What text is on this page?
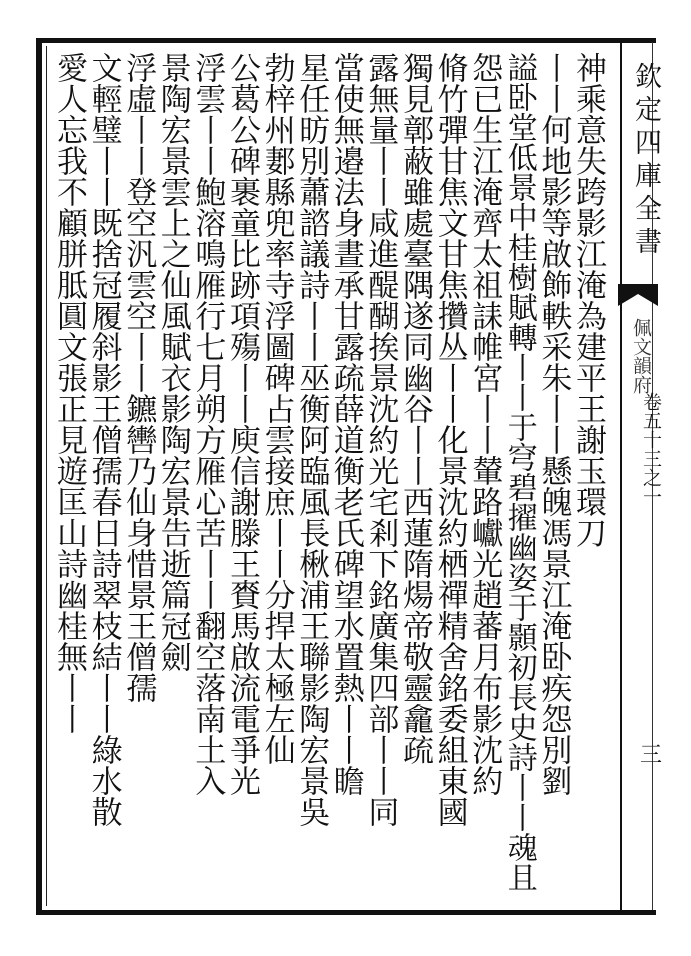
欽定四庫全書
佩文韻府
卷五十三之一
三
神乘意失跨影江淹為建平王謝玉環刀
丨丨何地影等啟飾軼采朱丨丨懸魄馮景江淹卧疾怨別劉
謚卧堂低景中桂樹賦轉丨丨于穹碧擢幽姿于顥初長史詩丨丨魂且
怨已生江淹齊太祖誄帷宮丨丨輦路巘光趙蕃月布影沈約
脩竹彈甘焦文甘焦攢丛丨丨化景沈約栖禪精舍銘委組東國
獨見鄣蔽雖處臺隅遂同幽谷丨丨西蓮隋煬帝敬靈龕疏
露無量丨丨咸進醍醐挨景沈約光宅剎下銘廣集四部丨丨同
當使無邉法身晝承甘露疏薛道衡老氏碑望水置熱丨丨瞻
星任昉別蕭諮議詩丨丨巫衡阿臨風長楸浦王聯影陶宏景吳
勃梓州郪縣兜率寺浮圖碑占雲接庶丨丨分捍太極左仙
公葛公碑裹童比跡項殤丨丨庾信謝滕王賚馬啟流電爭光
浮雲丨丨鮑溶鳴雁行七月朔方雁心苦丨丨翻空落南土入
景陶宏景雲上之仙風賦衣影陶宏景告逝篇冠劍
浮虛丨丨登空汎雲空丨丨鑣轡乃仙身惜景王僧孺
文輕璧丨丨既捨冠履斜影王僧孺春日詩翠枝結丨丨綠水散
愛人忘我不顧胼胝圓文張正見遊匡山詩幽桂無丨丨
